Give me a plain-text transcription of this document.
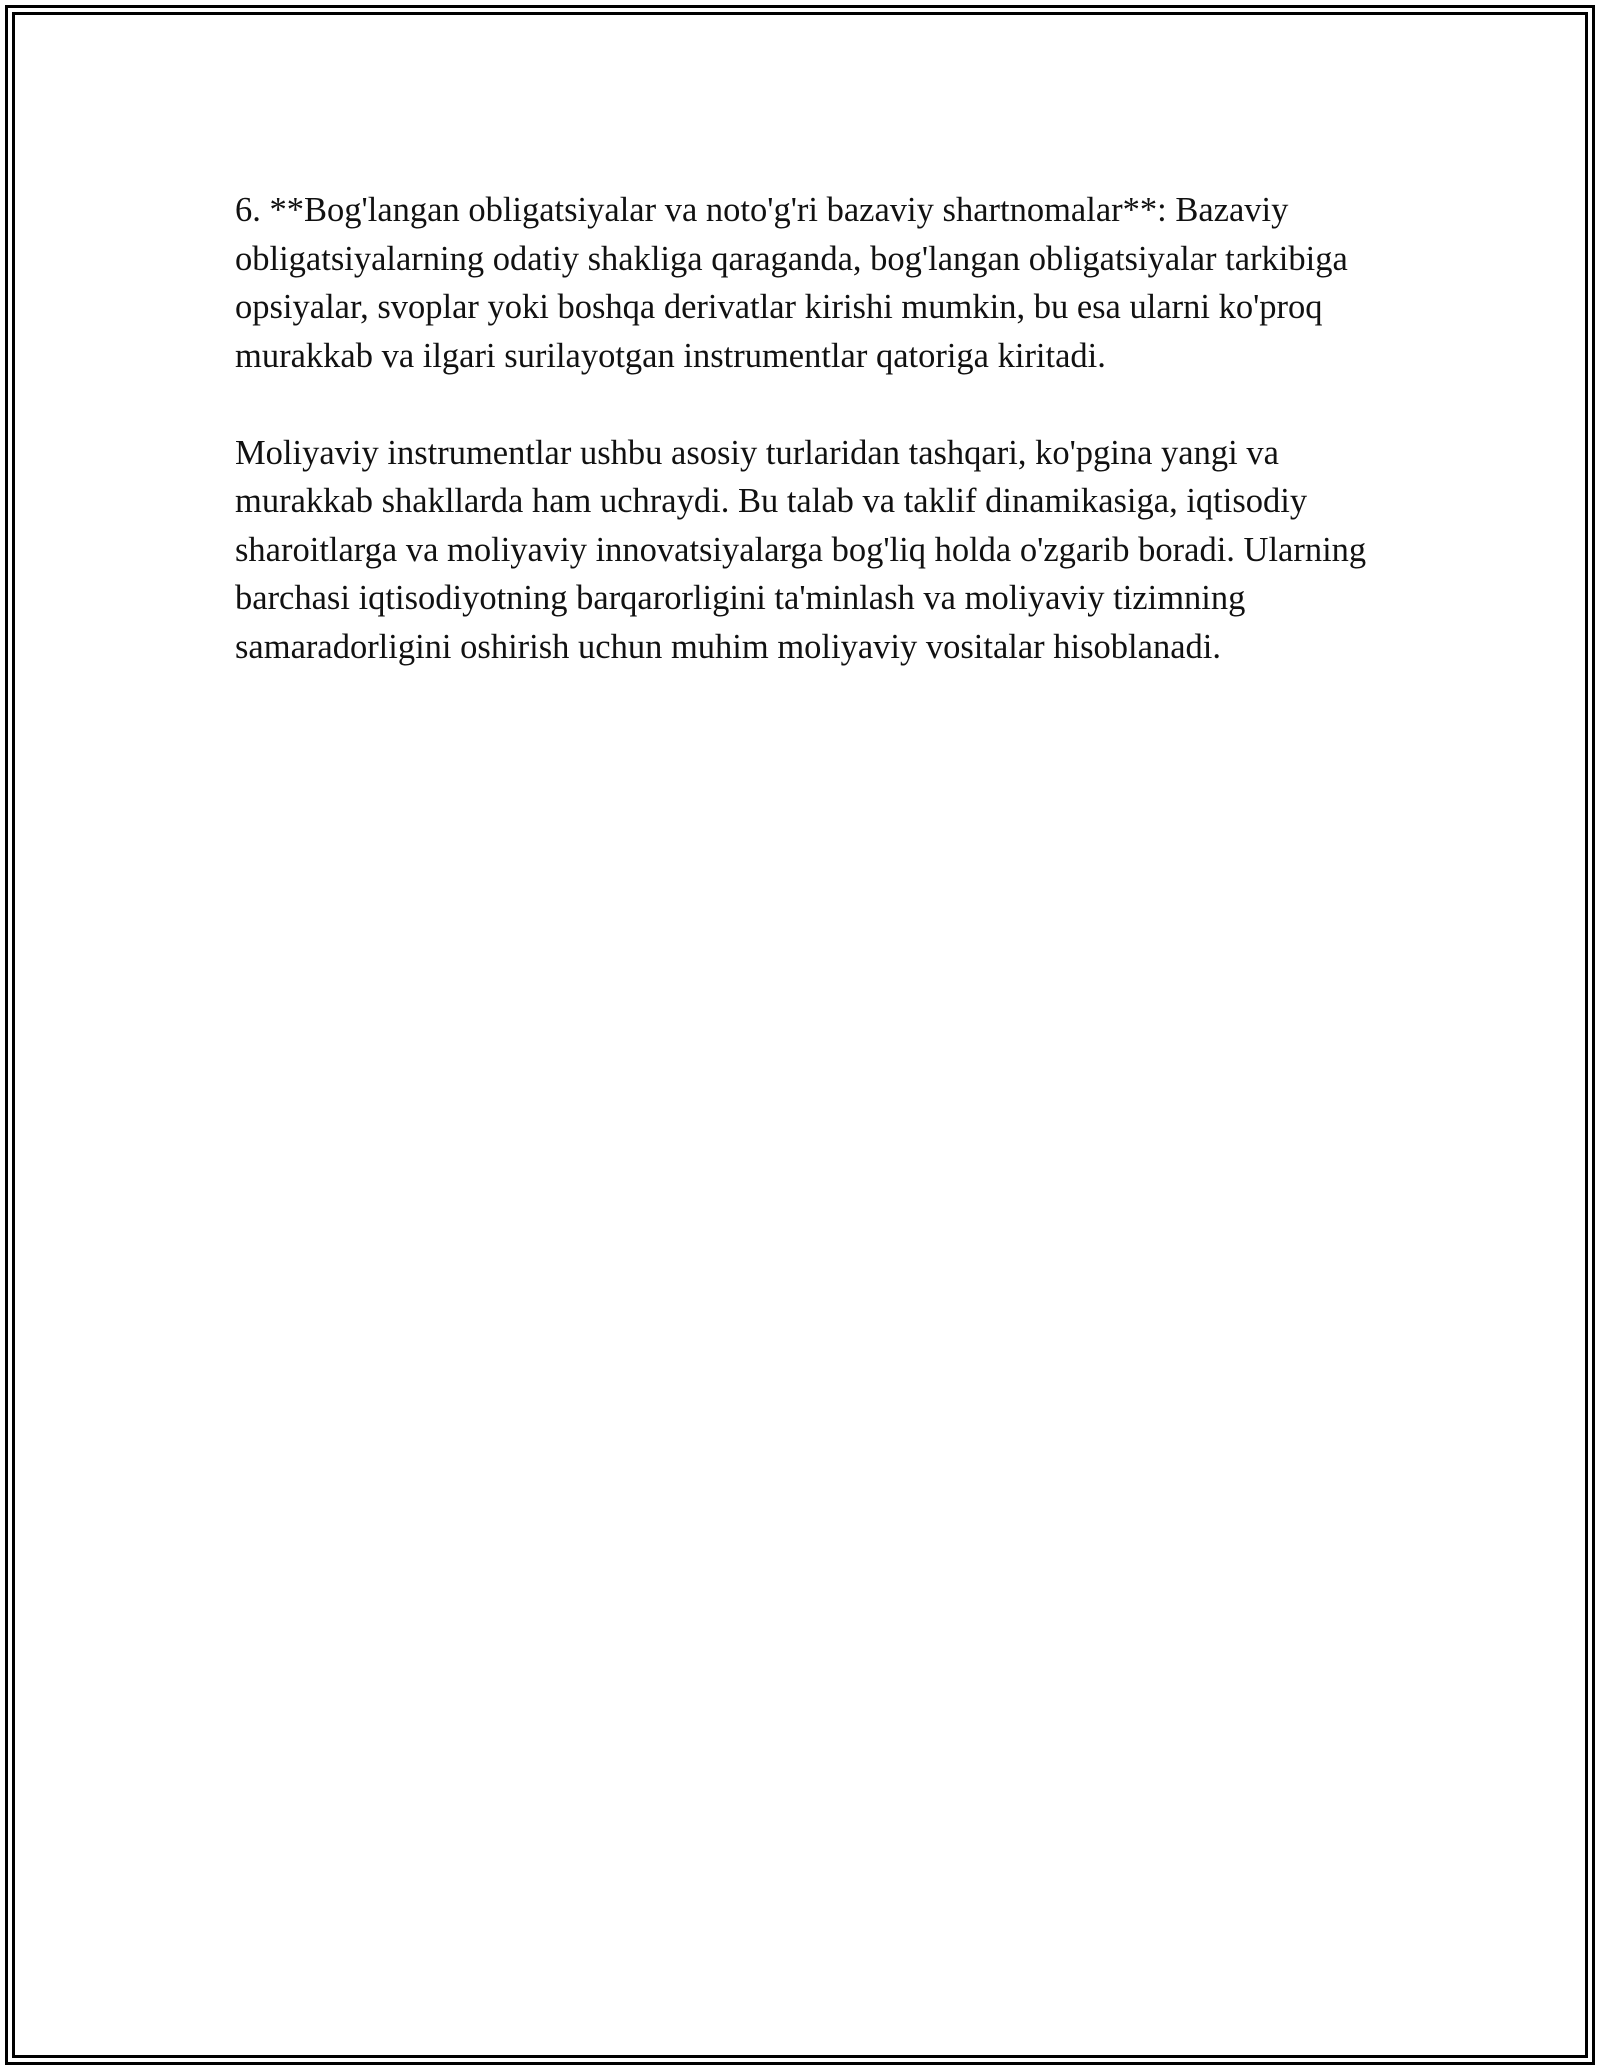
6. **Bog'langan obligatsiyalar va noto'g'ri bazaviy shartnomalar**: Bazaviy obligatsiyalarning odatiy shakliga qaraganda, bog'langan obligatsiyalar tarkibiga opsiyalar, svoplar yoki boshqa derivatlar kirishi mumkin, bu esa ularni ko'proq murakkab va ilgari surilayotgan instrumentlar qatoriga kiritadi.

Moliyaviy instrumentlar ushbu asosiy turlaridan tashqari, ko'pgina yangi va murakkab shakllarda ham uchraydi. Bu talab va taklif dinamikasiga, iqtisodiy sharoitlarga va moliyaviy innovatsiyalarga bog'liq holda o'zgarib boradi. Ularning barchasi iqtisodiyotning barqarorligini ta'minlash va moliyaviy tizimning samaradorligini oshirish uchun muhim moliyaviy vositalar hisoblanadi.
